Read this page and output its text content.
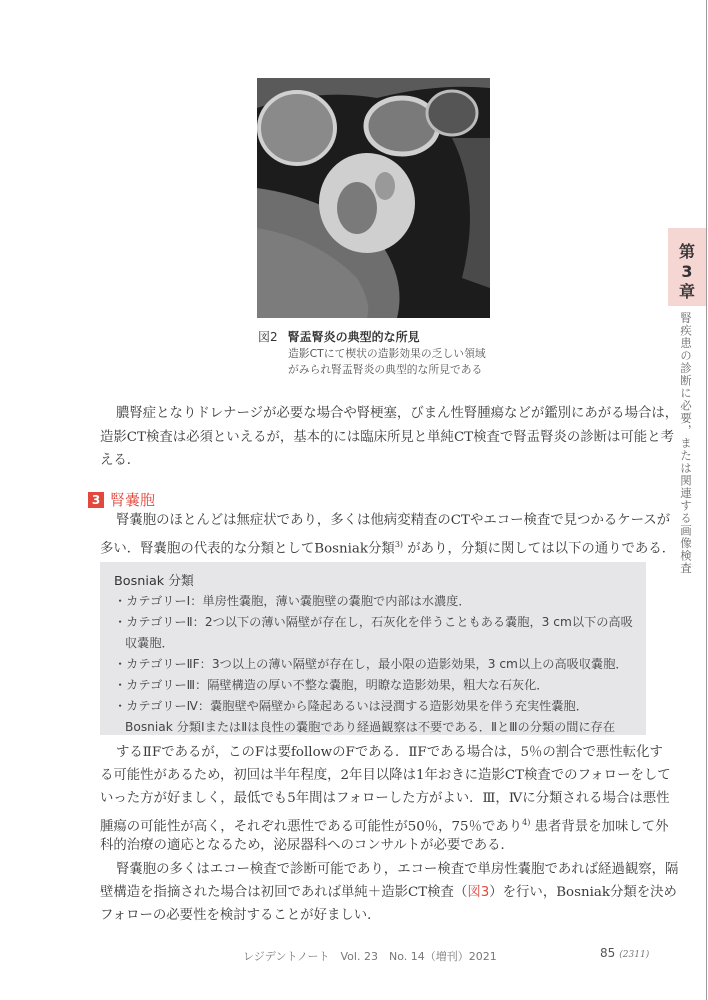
図2 腎盂腎炎の典型的な所見
造影CTにて楔状の造影効果の乏しい領域
がみられ腎盂腎炎の典型的な所見である
膿腎症となりドレナージが必要な場合や腎梗塞，びまん性腎腫瘍などが鑑別にあがる場合は，
造影CT検査は必須といえるが，基本的には臨床所見と単純CT検査で腎盂腎炎の診断は可能と考
える．
3 腎嚢胞
腎嚢胞のほとんどは無症状であり，多くは他病変精査のCTやエコー検査で見つかるケースが
多い．腎嚢胞の代表的な分類としてBosniak分類$^{3)}$ があり，分類に関しては以下の通りである．
Bosniak 分類
・カテゴリーⅠ：単房性嚢胞，薄い嚢胞壁の嚢胞で内部は水濃度．
・カテゴリーⅡ：2つ以下の薄い隔壁が存在し，石灰化を伴うこともある嚢胞，3 cm以下の高吸
収嚢胞．
・カテゴリーⅡF：3つ以上の薄い隔壁が存在し，最小限の造影効果，3 cm以上の高吸収嚢胞．
・カテゴリーⅢ：隔壁構造の厚い不整な嚢胞，明瞭な造影効果，粗大な石灰化．
・カテゴリーⅣ：嚢胞壁や隔壁から隆起あるいは浸潤する造影効果を伴う充実性嚢胞．
Bosniak 分類ⅠまたはⅡは良性の嚢胞であり経過観察は不要である．ⅡとⅢの分類の間に存在
するⅡFであるが，このFは要followのFである．ⅡFである場合は，5％の割合で悪性転化す
る可能性があるため，初回は半年程度，2年目以降は1年おきに造影CT検査でのフォローをして
いった方が好ましく，最低でも5年間はフォローした方がよい．Ⅲ，Ⅳに分類される場合は悪性
腫瘍の可能性が高く，それぞれ悪性である可能性が50％，75％であり$^{4)}$ 患者背景を加味して外
科的治療の適応となるため，泌尿器科へのコンサルトが必要である．
腎嚢胞の多くはエコー検査で診断可能であり，エコー検査で単房性嚢胞であれば経過観察，隔
壁構造を指摘された場合は初回であれば単純＋造影CT検査（図3）を行い，Bosniak分類を決め
フォローの必要性を検討することが好ましい．
第
3
章
腎疾患の診断に必要，または関連する画像検査
レジデントノート　Vol. 23　No. 14（増刊）2021	85 (2311)
